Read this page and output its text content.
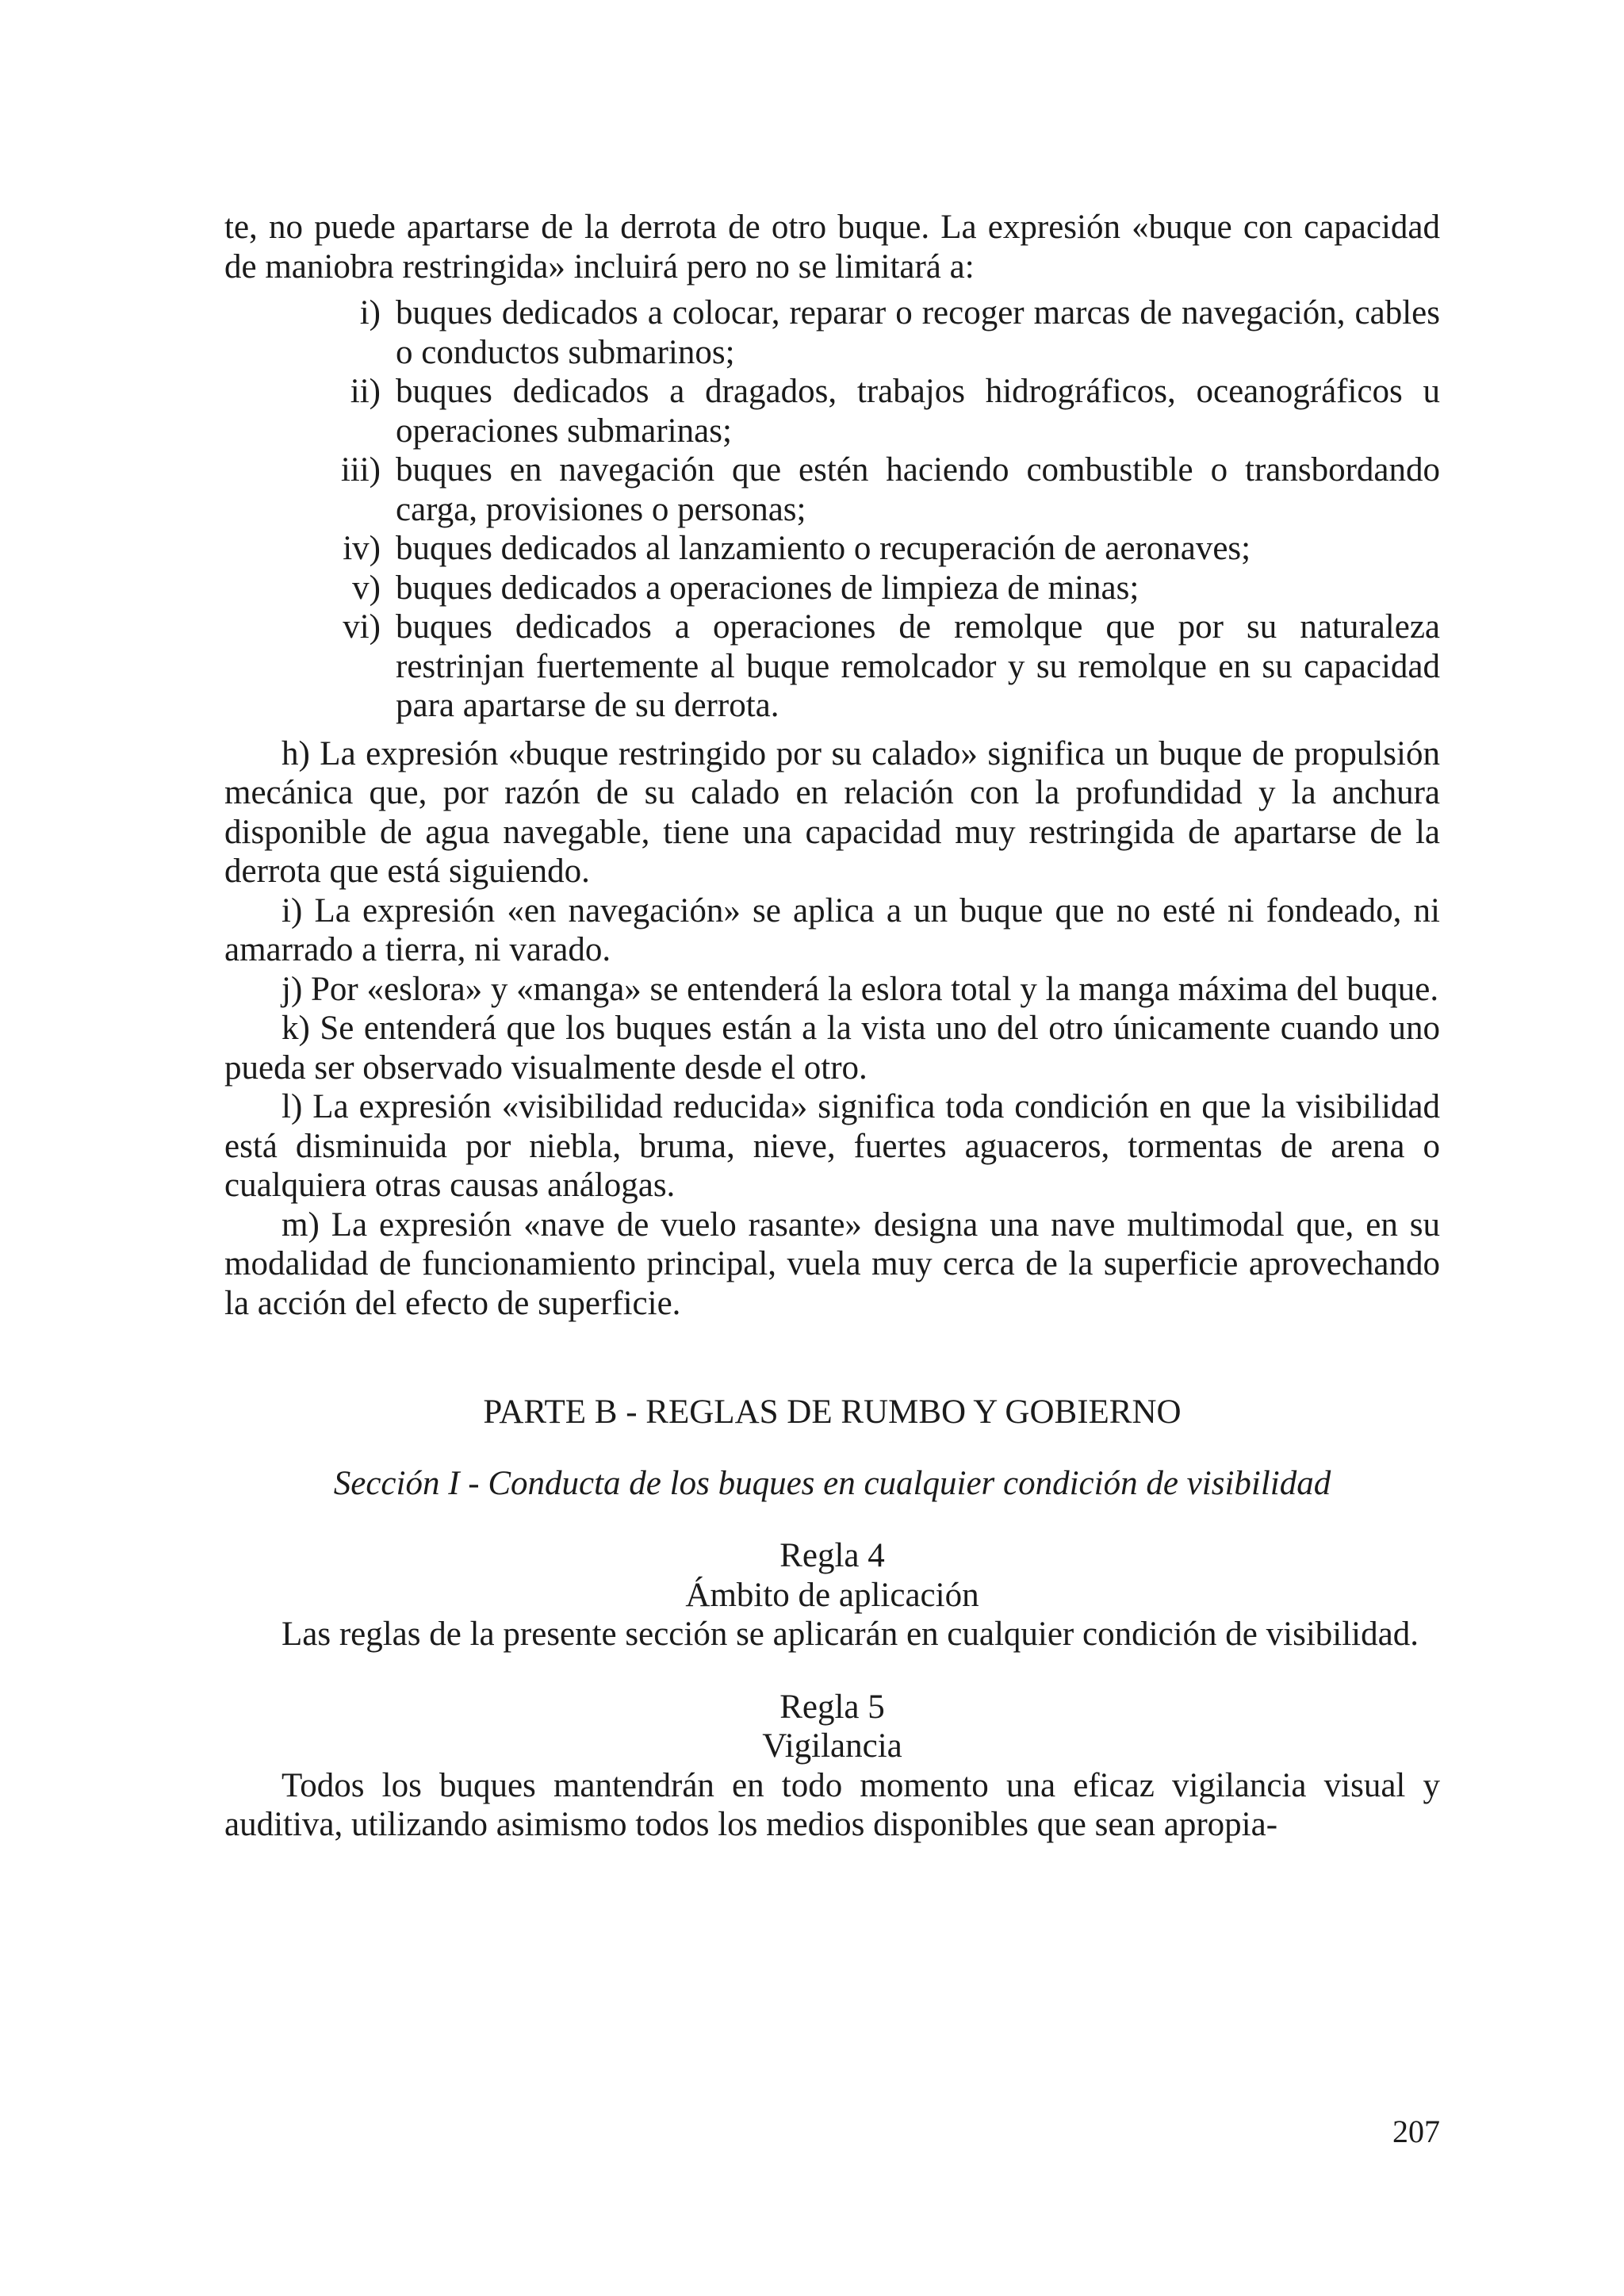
te, no puede apartarse de la derrota de otro buque. La expresión «buque con capacidad de maniobra restringida» incluirá pero no se limitará a:

i) buques dedicados a colocar, reparar o recoger marcas de navegación, cables o conductos submarinos;
ii) buques dedicados a dragados, trabajos hidrográficos, oceanográficos u operaciones submarinas;
iii) buques en navegación que estén haciendo combustible o transbordando carga, provisiones o personas;
iv) buques dedicados al lanzamiento o recuperación de aeronaves;
v) buques dedicados a operaciones de limpieza de minas;
vi) buques dedicados a operaciones de remolque que por su naturaleza restrinjan fuertemente al buque remolcador y su remolque en su capacidad para apartarse de su derrota.

h) La expresión «buque restringido por su calado» significa un buque de propulsión mecánica que, por razón de su calado en relación con la profundidad y la anchura disponible de agua navegable, tiene una capacidad muy restringida de apartarse de la derrota que está siguiendo.

i) La expresión «en navegación» se aplica a un buque que no esté ni fondeado, ni amarrado a tierra, ni varado.

j) Por «eslora» y «manga» se entenderá la eslora total y la manga máxima del buque.

k) Se entenderá que los buques están a la vista uno del otro únicamente cuando uno pueda ser observado visualmente desde el otro.

l) La expresión «visibilidad reducida» significa toda condición en que la visibilidad está disminuida por niebla, bruma, nieve, fuertes aguaceros, tormentas de arena o cualquiera otras causas análogas.

m) La expresión «nave de vuelo rasante» designa una nave multimodal que, en su modalidad de funcionamiento principal, vuela muy cerca de la superficie aprovechando la acción del efecto de superficie.

PARTE B - REGLAS DE RUMBO Y GOBIERNO
Sección I - Conducta de los buques en cualquier condición de visibilidad
Regla 4
Ámbito de aplicación

Las reglas de la presente sección se aplicarán en cualquier condición de visibilidad.

Regla 5
Vigilancia

Todos los buques mantendrán en todo momento una eficaz vigilancia visual y auditiva, utilizando asimismo todos los medios disponibles que sean apropia-

207
